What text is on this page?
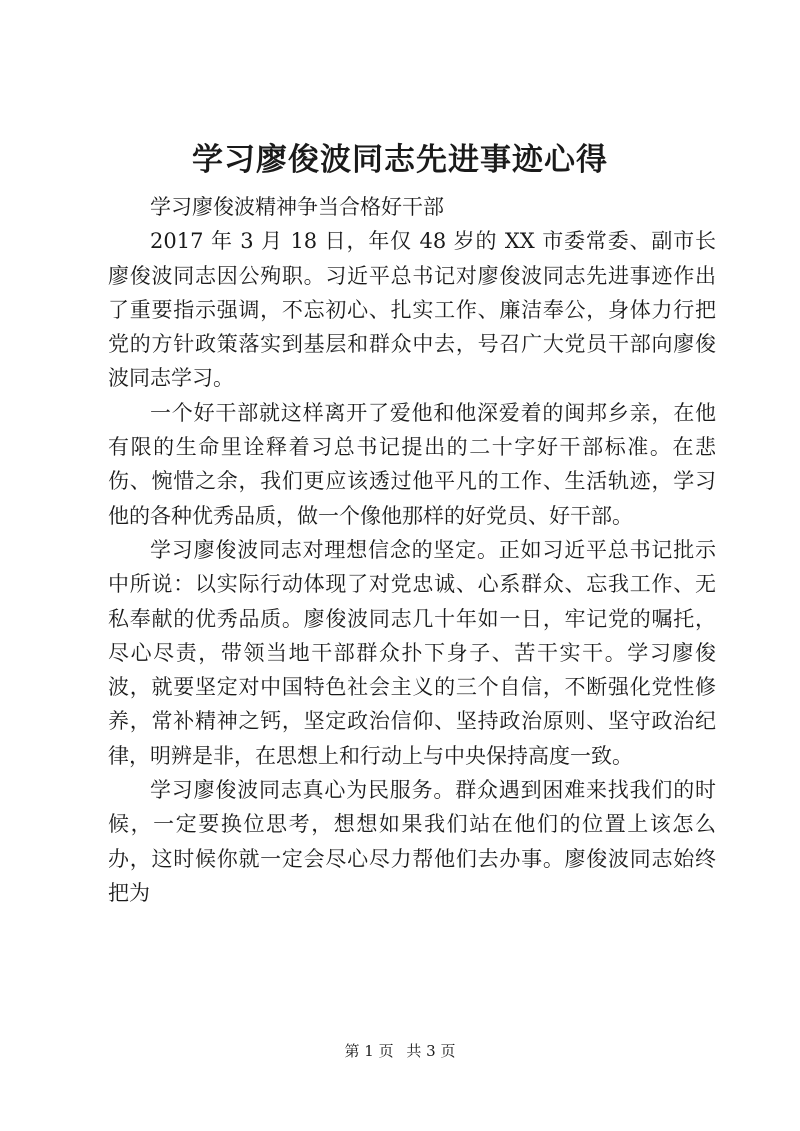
学习廖俊波同志先进事迹心得

学习廖俊波精神争当合格好干部

2017 年 3 月 18 日，年仅 48 岁的 XX 市委常委、副市长廖俊波同志因公殉职。习近平总书记对廖俊波同志先进事迹作出了重要指示强调，不忘初心、扎实工作、廉洁奉公，身体力行把党的方针政策落实到基层和群众中去，号召广大党员干部向廖俊波同志学习。

一个好干部就这样离开了爱他和他深爱着的闽邦乡亲，在他有限的生命里诠释着习总书记提出的二十字好干部标准。在悲伤、惋惜之余，我们更应该透过他平凡的工作、生活轨迹，学习他的各种优秀品质，做一个像他那样的好党员、好干部。

学习廖俊波同志对理想信念的坚定。正如习近平总书记批示中所说：以实际行动体现了对党忠诚、心系群众、忘我工作、无私奉献的优秀品质。廖俊波同志几十年如一日，牢记党的嘱托，尽心尽责，带领当地干部群众扑下身子、苦干实干。学习廖俊波，就要坚定对中国特色社会主义的三个自信，不断强化党性修养，常补精神之钙，坚定政治信仰、坚持政治原则、坚守政治纪律，明辨是非，在思想上和行动上与中央保持高度一致。

学习廖俊波同志真心为民服务。群众遇到困难来找我们的时候，一定要换位思考，想想如果我们站在他们的位置上该怎么办，这时候你就一定会尽心尽力帮他们去办事。廖俊波同志始终把为

第 1 页 共 3 页
